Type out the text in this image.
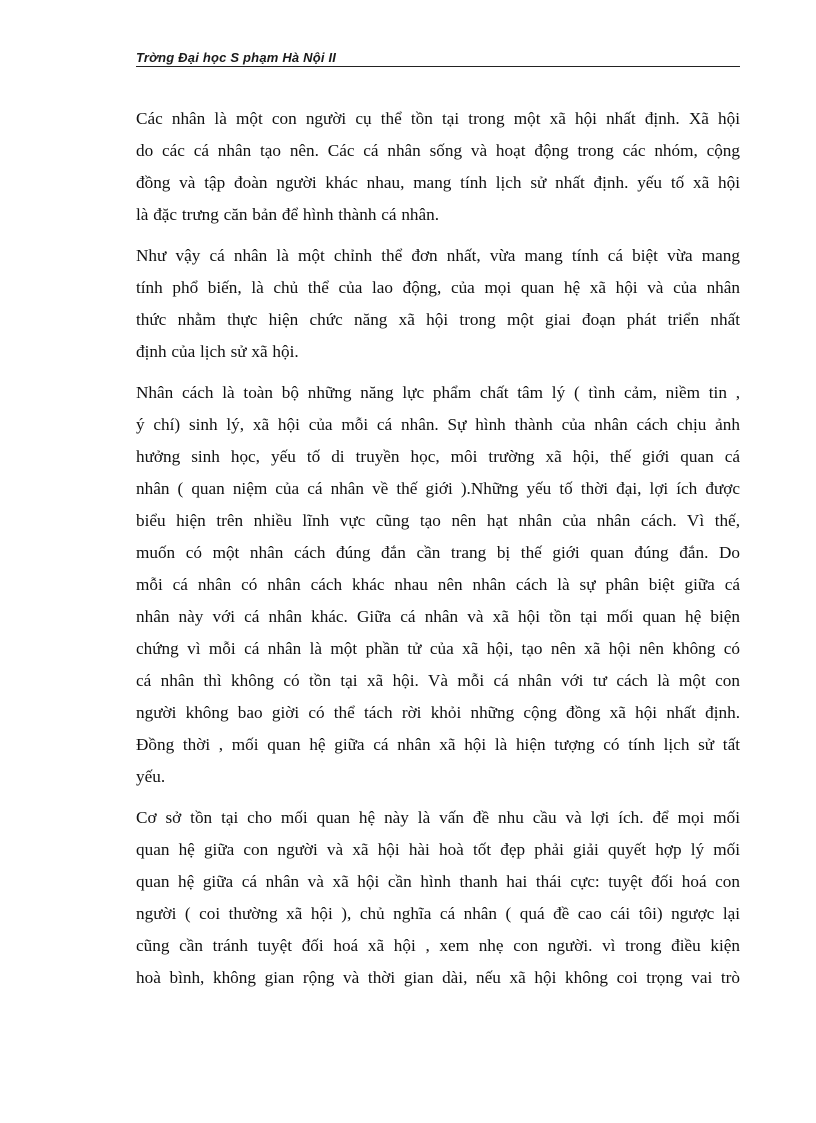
Trờng Đại học S phạm Hà Nội II

Các nhân là một con người cụ thể tồn tại trong một xã hội nhất định. Xã hội
do các cá nhân tạo nên. Các cá nhân sống và hoạt động trong các nhóm, cộng
đồng và tập đoàn người khác nhau, mang tính lịch sử nhất định. yếu tố xã hội
là đặc trưng căn bản để hình thành cá nhân.

Như vậy cá nhân là một chỉnh thể đơn nhất, vừa mang tính cá biệt vừa mang
tính phổ biến, là chủ thể của lao động, của mọi quan hệ xã hội và của nhân
thức nhằm thực hiện chức năng xã hội trong một giai đoạn phát triển nhất
định của lịch sử xã hội.

Nhân cách là toàn bộ những năng lực phẩm chất tâm lý ( tình cảm, niềm tin ,
ý chí) sinh lý, xã hội của mỗi cá nhân. Sự hình thành của nhân cách chịu ảnh
hưởng sinh học, yếu tố di truyền học, môi trường xã hội, thế giới quan cá
nhân ( quan niệm của cá nhân về thế giới ).Những yếu tố thời đại, lợi ích được
biểu hiện trên nhiều lĩnh vực cũng tạo nên hạt nhân của nhân cách. Vì thế,
muốn có một nhân cách đúng đắn cần trang bị thế giới quan đúng đắn. Do
mỗi cá nhân có nhân cách khác nhau nên nhân cách là sự phân biệt giữa cá
nhân này với cá nhân khác. Giữa cá nhân và xã hội tồn tại mối quan hệ biện
chứng vì mỗi cá nhân là một phần tử của xã hội, tạo nên xã hội nên không có
cá nhân thì không có tồn tại xã hội. Và mỗi cá nhân với tư cách là một con
người không bao giời có thể tách rời khỏi những cộng đồng xã hội nhất định.
Đồng thời , mối quan hệ giữa cá nhân xã hội là hiện tượng có tính lịch sử tất
yếu.

Cơ sở tồn tại cho mối quan hệ này là vấn đề nhu cầu và lợi ích. để mọi mối
quan hệ giữa con người và xã hội hài hoà tốt đẹp phải giải quyết hợp lý mối
quan hệ giữa cá nhân và xã hội cần hình thanh hai thái cực: tuyệt đối hoá con
người ( coi thường xã hội ), chủ nghĩa cá nhân ( quá đề cao cái tôi) ngược lại
cũng cần tránh tuyệt đối hoá xã hội , xem nhẹ con người. vì trong điều kiện
hoà bình, không gian rộng và thời gian dài, nếu xã hội không coi trọng vai trò
